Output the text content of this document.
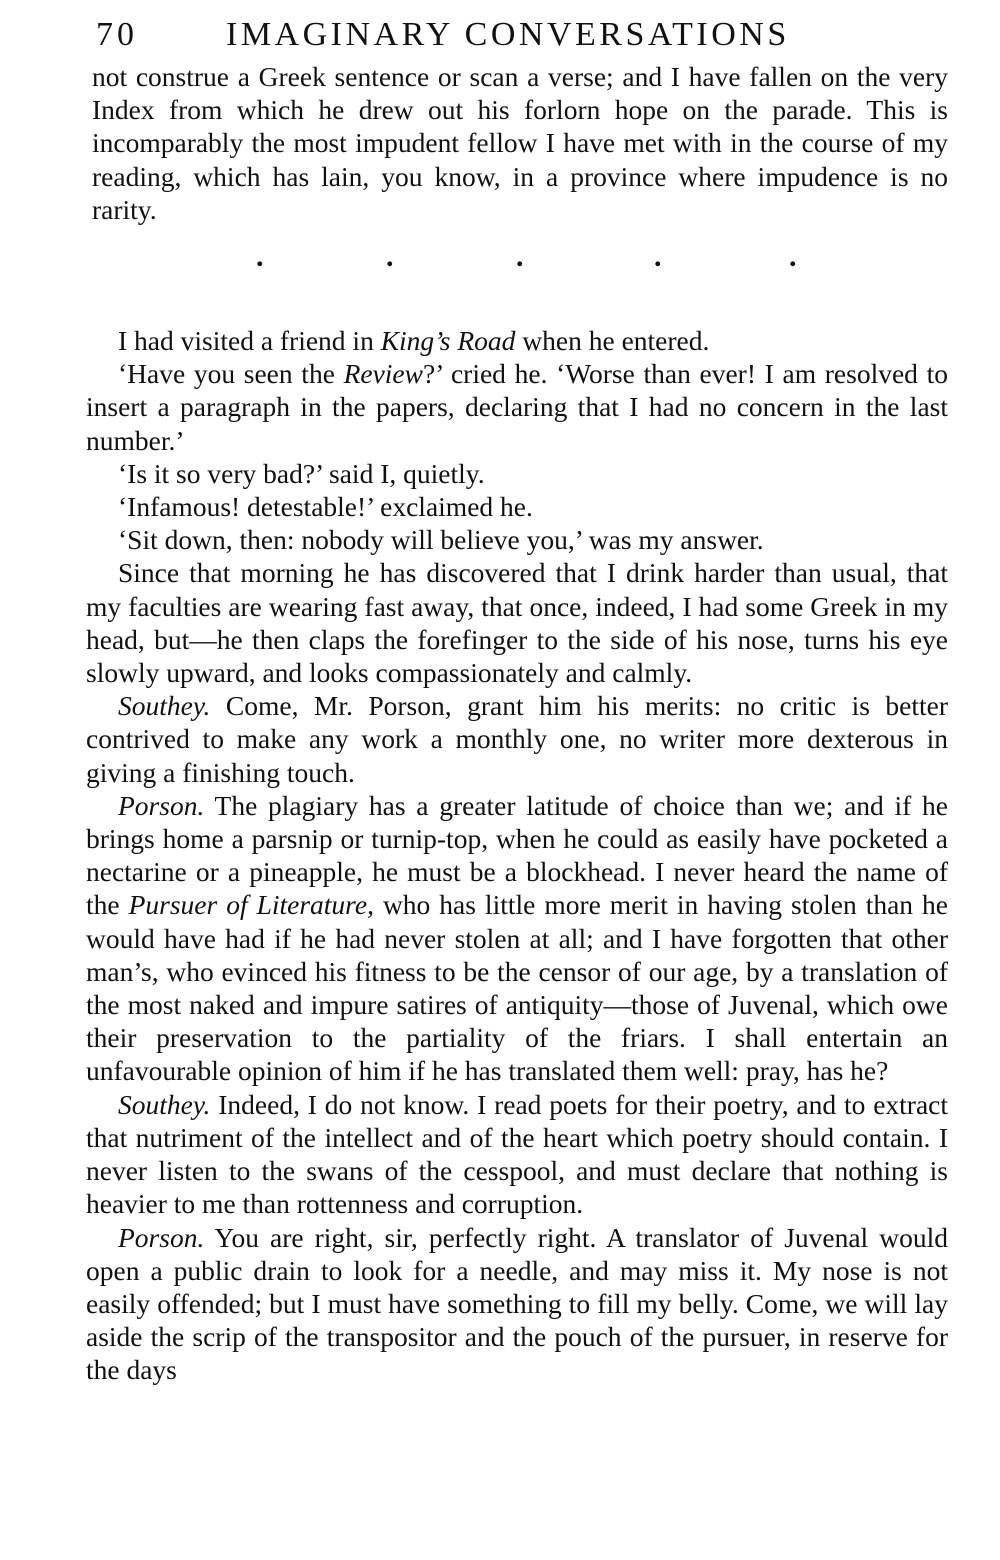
70	IMAGINARY CONVERSATIONS

not construe a Greek sentence or scan a verse; and I have fallen on the very Index from which he drew out his forlorn hope on the parade. This is incomparably the most impudent fellow I have met with in the course of my reading, which has lain, you know, in a province where impudence is no rarity.

.	.	.	.	.

I had visited a friend in King’s Road when he entered.

‘Have you seen the Review?’ cried he. ‘Worse than ever! I am resolved to insert a paragraph in the papers, declaring that I had no concern in the last number.’

‘Is it so very bad?’ said I, quietly.

‘Infamous! detestable!’ exclaimed he.

‘Sit down, then: nobody will believe you,’ was my answer.

Since that morning he has discovered that I drink harder than usual, that my faculties are wearing fast away, that once, indeed, I had some Greek in my head, but—he then claps the forefinger to the side of his nose, turns his eye slowly upward, and looks compassionately and calmly.

Southey. Come, Mr. Porson, grant him his merits: no critic is better contrived to make any work a monthly one, no writer more dexterous in giving a finishing touch.

Porson. The plagiary has a greater latitude of choice than we; and if he brings home a parsnip or turnip-top, when he could as easily have pocketed a nectarine or a pineapple, he must be a blockhead. I never heard the name of the Pursuer of Literature, who has little more merit in having stolen than he would have had if he had never stolen at all; and I have forgotten that other man’s, who evinced his fitness to be the censor of our age, by a translation of the most naked and impure satires of antiquity—those of Juvenal, which owe their preservation to the partiality of the friars. I shall entertain an unfavourable opinion of him if he has translated them well: pray, has he?

Southey. Indeed, I do not know. I read poets for their poetry, and to extract that nutriment of the intellect and of the heart which poetry should contain. I never listen to the swans of the cesspool, and must declare that nothing is heavier to me than rottenness and corruption.

Porson. You are right, sir, perfectly right. A translator of Juvenal would open a public drain to look for a needle, and may miss it. My nose is not easily offended; but I must have something to fill my belly. Come, we will lay aside the scrip of the transpositor and the pouch of the pursuer, in reserve for the days
